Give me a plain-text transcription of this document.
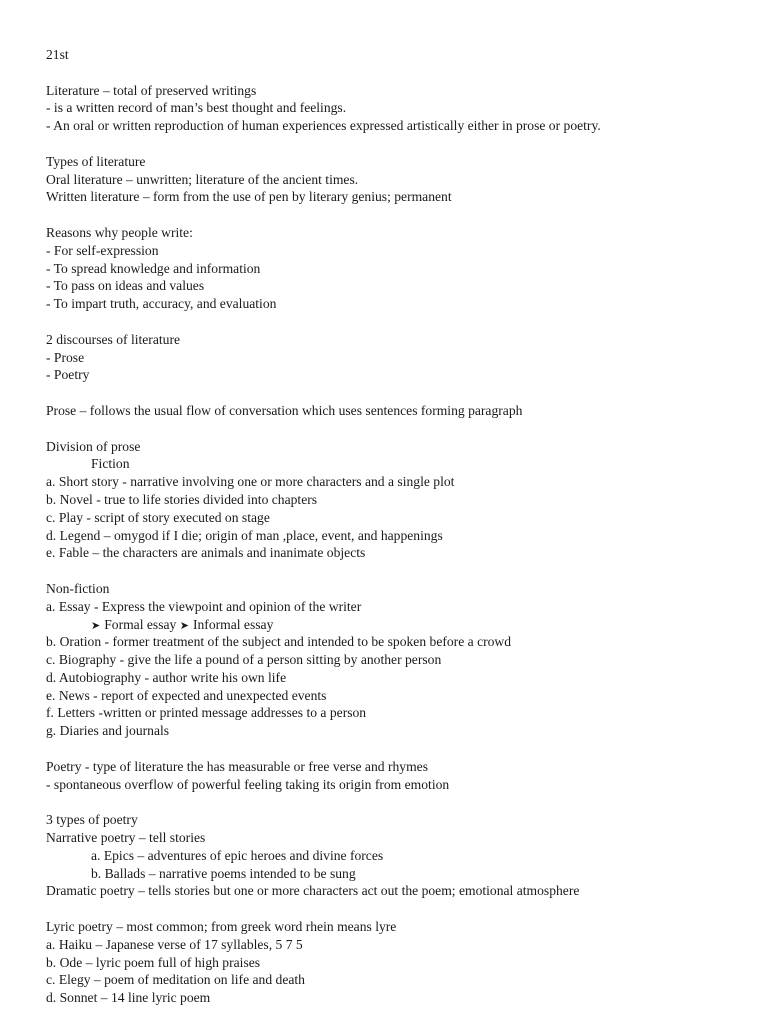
21st
Literature – total of preserved writings
- is a written record of man’s best thought and feelings.
- An oral or written reproduction of human experiences expressed artistically either in prose or poetry.
Types of literature
Oral literature – unwritten; literature of the ancient times.
Written literature – form from the use of pen by literary genius; permanent
Reasons why people write:
- For self-expression
- To spread knowledge and information
- To pass on ideas and values
- To impart truth, accuracy, and evaluation
2 discourses of literature
- Prose
- Poetry
Prose – follows the usual flow of conversation which uses sentences forming paragraph
Division of prose
Fiction
a. Short story - narrative involving one or more characters and a single plot
b. Novel - true to life stories divided into chapters
c. Play - script of story executed on stage
d. Legend – omygod if I die; origin of man ,place, event, and happenings
e. Fable – the characters are animals and inanimate objects
Non-fiction
a. Essay - Express the viewpoint and opinion of the writer
➤ Formal essay ➤ Informal essay
b. Oration - former treatment of the subject and intended to be spoken before a crowd
c. Biography - give the life a pound of a person sitting by another person
d. Autobiography - author write his own life
e. News - report of expected and unexpected events
f. Letters -written or printed message addresses to a person
g. Diaries and journals
Poetry - type of literature the has measurable or free verse and rhymes
- spontaneous overflow of powerful feeling taking its origin from emotion
3 types of poetry
Narrative poetry – tell stories
a. Epics – adventures of epic heroes and divine forces
b. Ballads – narrative poems intended to be sung
Dramatic poetry – tells stories but one or more characters act out the poem; emotional atmosphere
Lyric poetry – most common; from greek word rhein means lyre
a. Haiku – Japanese verse of 17 syllables, 5 7 5
b. Ode – lyric poem full of high praises
c. Elegy – poem of meditation on life and death
d. Sonnet – 14 line lyric poem
